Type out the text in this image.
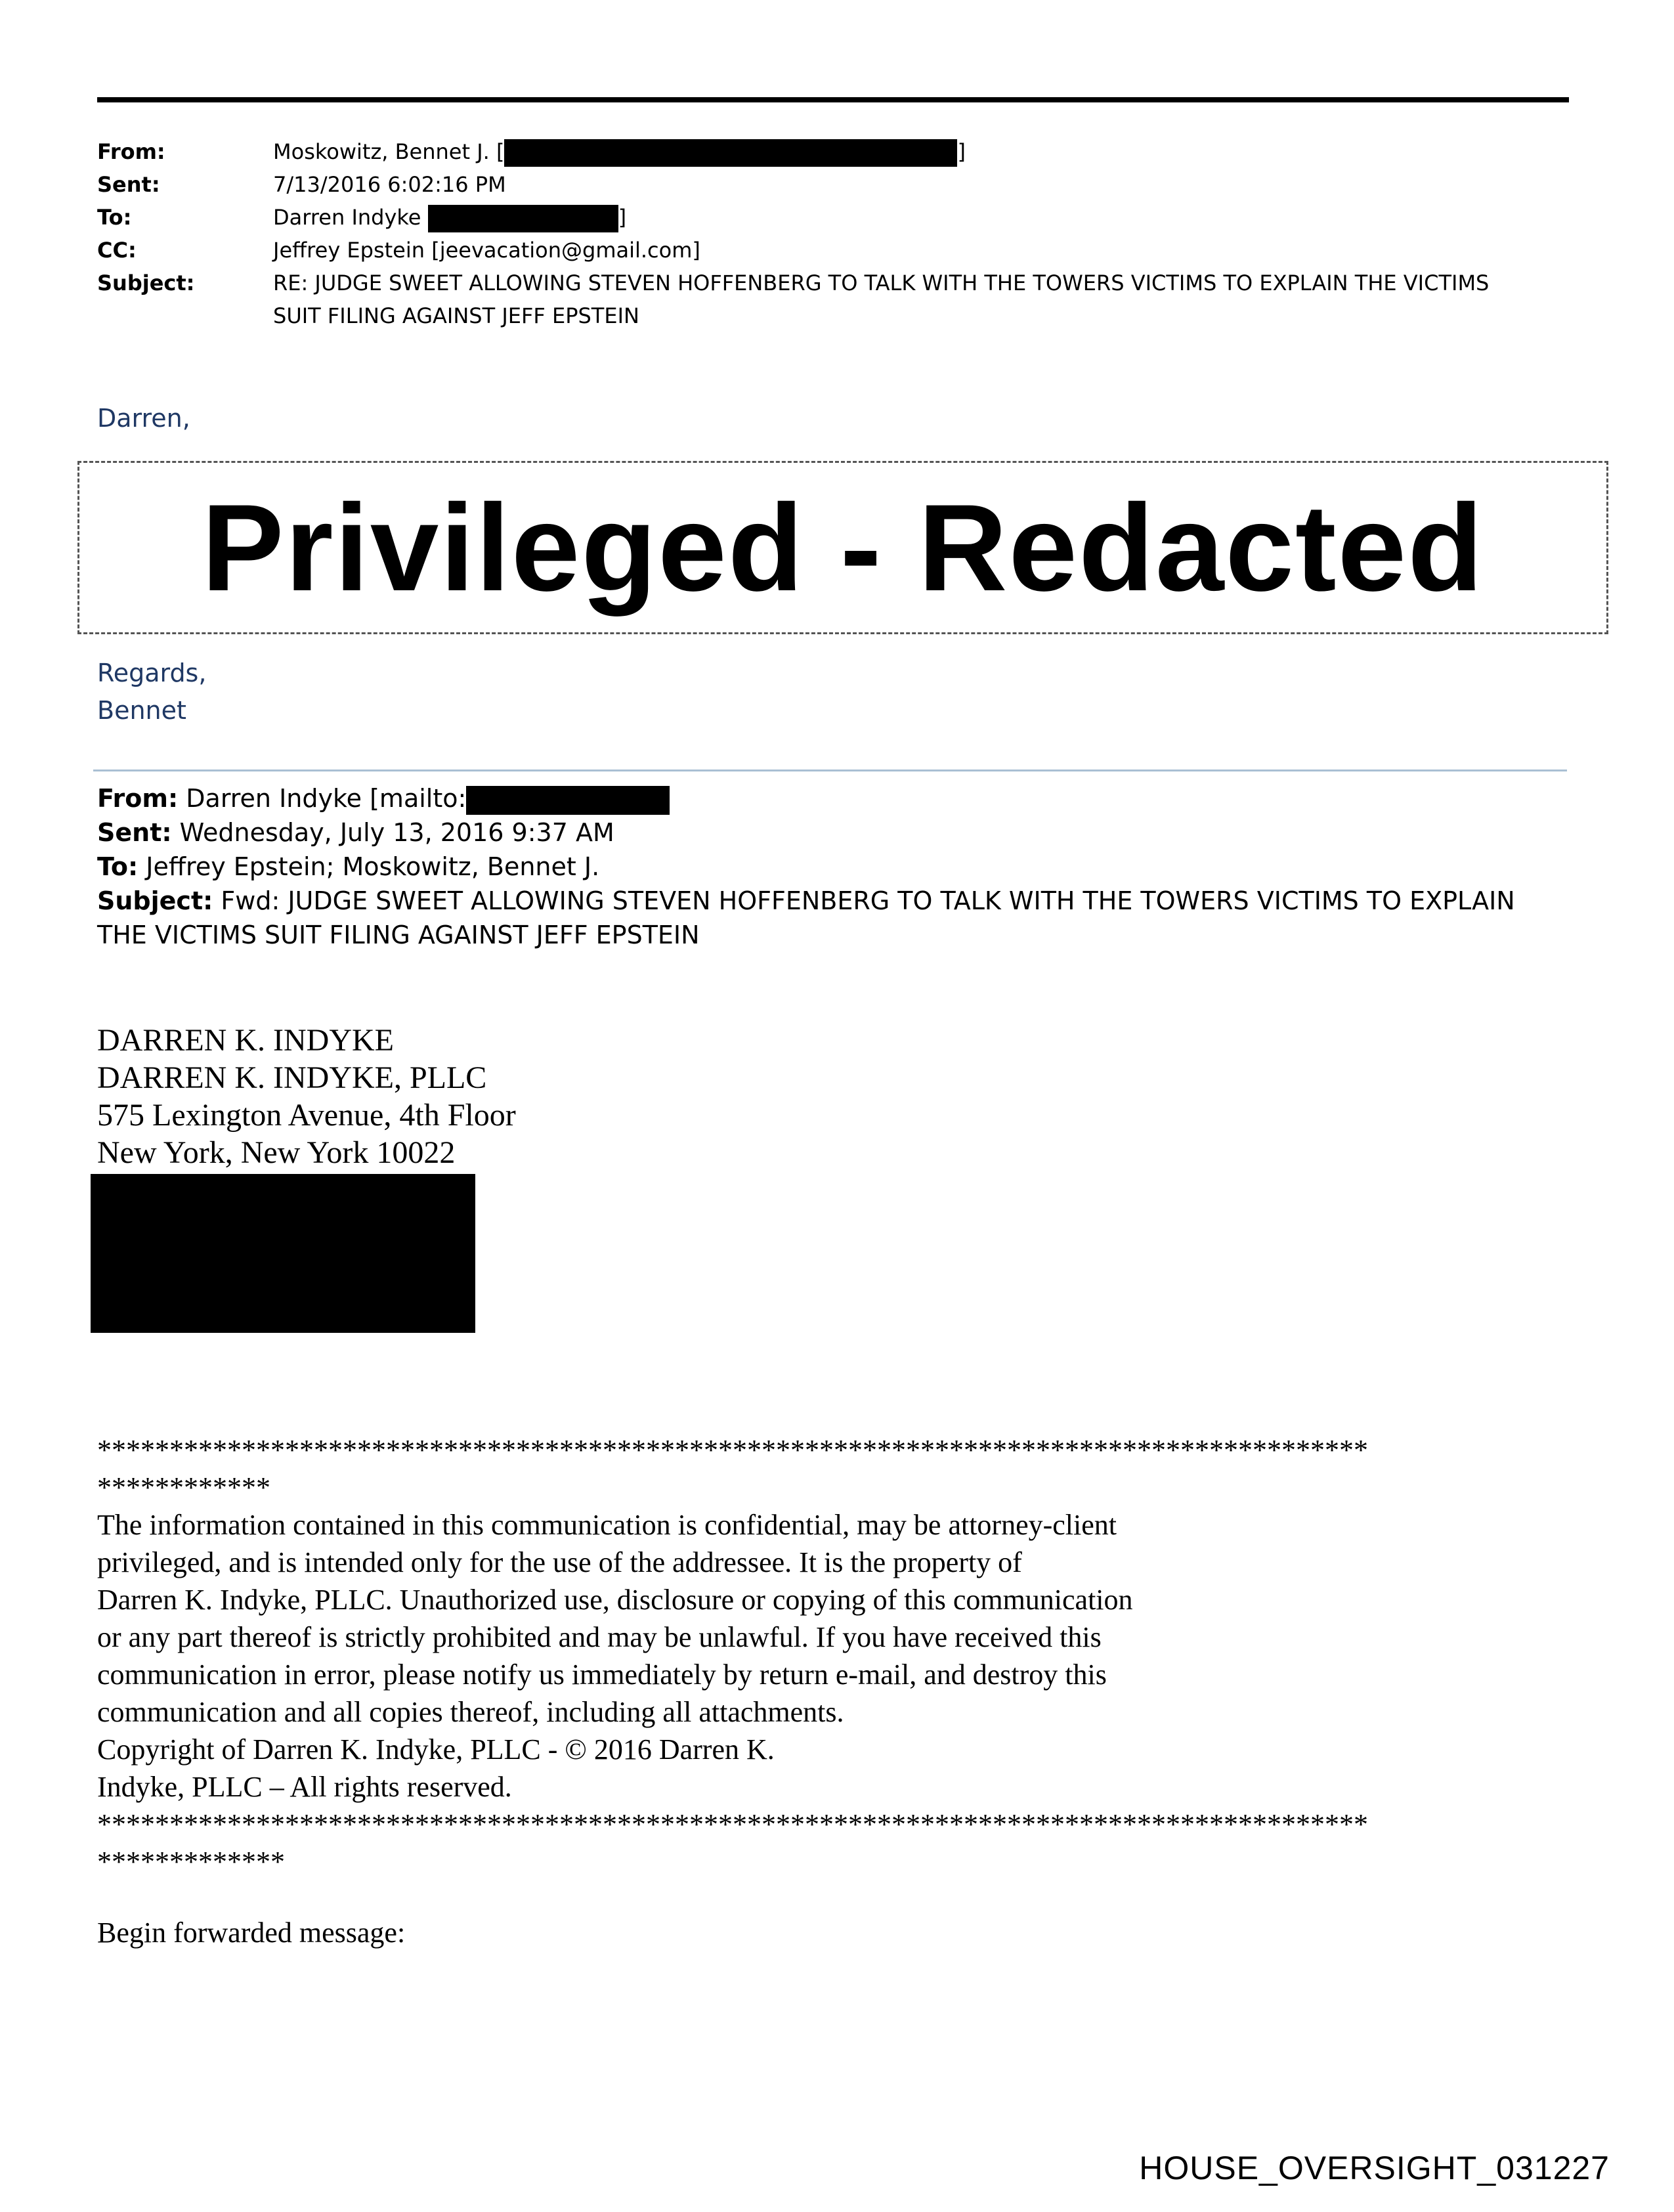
From:	Moskowitz, Bennet J. [	]
Sent:	7/13/2016 6:02:16 PM
To:	Darren Indyke	]
CC:	Jeffrey Epstein [jeevacation@gmail.com]
Subject:	RE: JUDGE SWEET ALLOWING STEVEN HOFFENBERG TO TALK WITH THE TOWERS VICTIMS TO EXPLAIN THE VICTIMS
SUIT FILING AGAINST JEFF EPSTEIN
Darren,
Privileged - Redacted
Regards,
Bennet
From: Darren Indyke [mailto:
Sent: Wednesday, July 13, 2016 9:37 AM
To: Jeffrey Epstein; Moskowitz, Bennet J.
Subject: Fwd: JUDGE SWEET ALLOWING STEVEN HOFFENBERG TO TALK WITH THE TOWERS VICTIMS TO EXPLAIN
THE VICTIMS SUIT FILING AGAINST JEFF EPSTEIN
DARREN K. INDYKE
DARREN K. INDYKE, PLLC
575 Lexington Avenue, 4th Floor
New York, New York 10022
****************************************************************************************
************
The information contained in this communication is confidential, may be attorney-client
privileged, and is intended only for the use of the addressee. It is the property of
Darren K. Indyke, PLLC. Unauthorized use, disclosure or copying of this communication
or any part thereof is strictly prohibited and may be unlawful. If you have received this
communication in error, please notify us immediately by return e-mail, and destroy this
communication and all copies thereof, including all attachments.
Copyright of Darren K. Indyke, PLLC - © 2016 Darren K.
Indyke, PLLC – All rights reserved.
****************************************************************************************
*************
Begin forwarded message:
HOUSE_OVERSIGHT_031227
